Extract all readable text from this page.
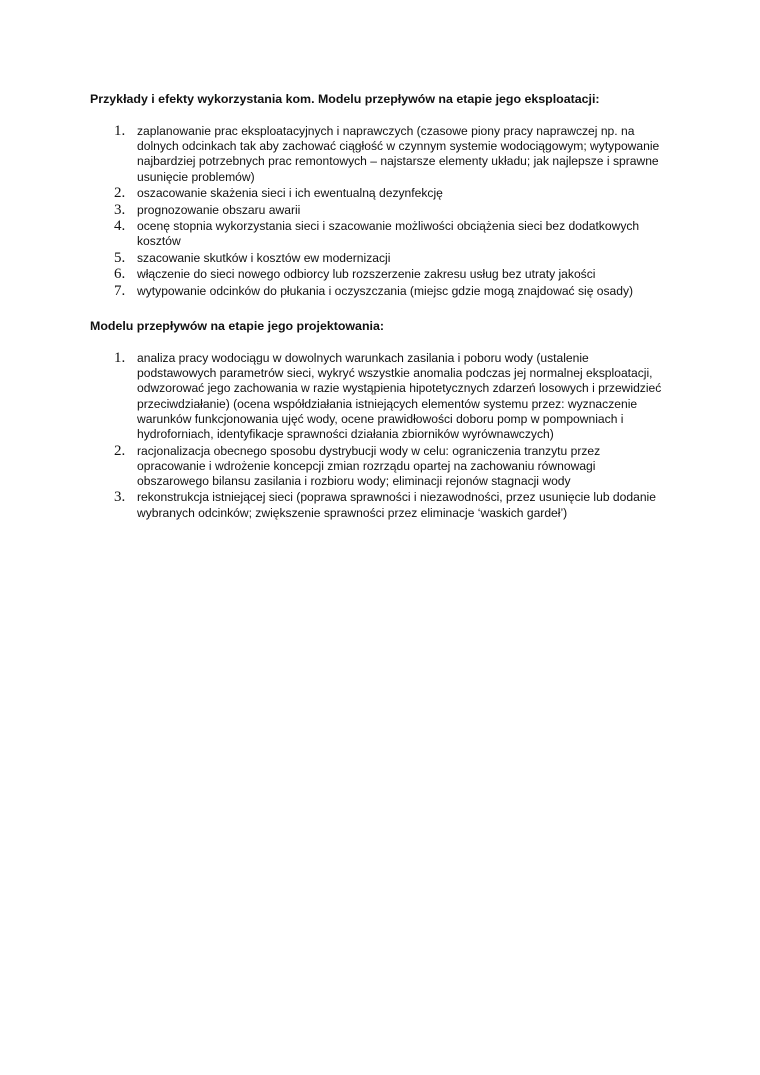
Przykłady i efekty wykorzystania kom. Modelu przepływów na etapie jego eksploatacji:

1. zaplanowanie prac eksploatacyjnych i naprawczych (czasowe piony pracy naprawczej np. na dolnych odcinkach tak aby zachować ciągłość w czynnym systemie wodociągowym; wytypowanie najbardziej potrzebnych prac remontowych – najstarsze elementy układu; jak najlepsze i sprawne usunięcie problemów)
2. oszacowanie skażenia sieci i ich ewentualną dezynfekcję
3. prognozowanie obszaru awarii
4. ocenę stopnia wykorzystania sieci i szacowanie możliwości obciążenia sieci bez dodatkowych kosztów
5. szacowanie skutków i kosztów ew modernizacji
6. włączenie do sieci nowego odbiorcy lub rozszerzenie zakresu usług bez utraty jakości
7. wytypowanie odcinków do płukania i oczyszczania (miejsc gdzie mogą znajdować się osady)

Modelu przepływów na etapie jego projektowania:

1. analiza pracy wodociągu w dowolnych warunkach zasilania i poboru wody (ustalenie podstawowych parametrów sieci, wykryć wszystkie anomalia podczas jej normalnej eksploatacji, odwzorować jego zachowania w razie wystąpienia hipotetycznych zdarzeń losowych i przewidzieć przeciwdziałanie) (ocena współdziałania istniejących elementów systemu przez: wyznaczenie warunków funkcjonowania ujęć wody, ocene prawidłowości doboru pomp w pompowniach i hydroforniach, identyfikacje sprawności działania zbiorników wyrównawczych)
2. racjonalizacja obecnego sposobu dystrybucji wody w celu: ograniczenia tranzytu przez opracowanie i wdrożenie koncepcji zmian rozrządu opartej na zachowaniu równowagi obszarowego bilansu zasilania i rozbioru wody; eliminacji rejonów stagnacji wody
3. rekonstrukcja istniejącej sieci (poprawa sprawności i niezawodności, przez usunięcie lub dodanie wybranych odcinków; zwiększenie sprawności przez eliminacje ‘waskich gardeł’)
